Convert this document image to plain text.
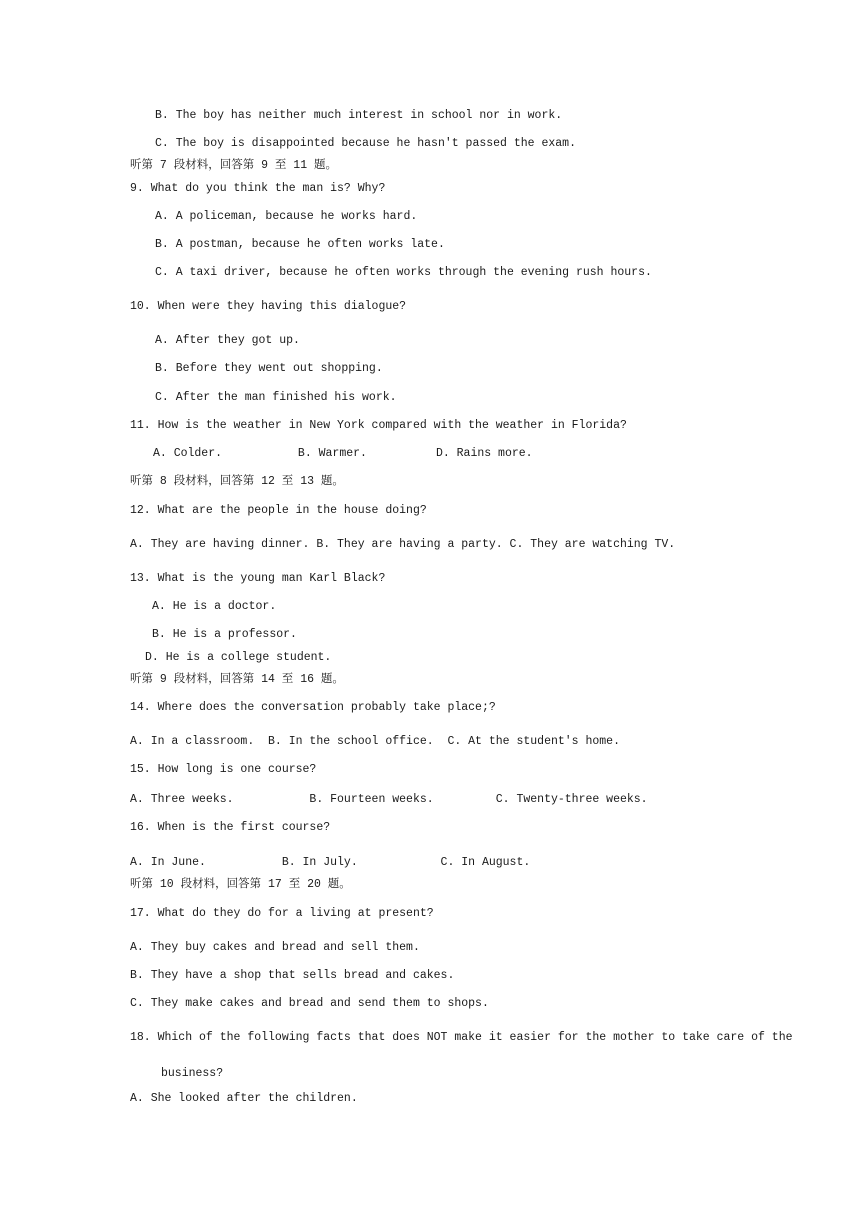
B. The boy has neither much interest in school nor in work.
C. The boy is disappointed because he hasn't passed the exam.
听第 7 段材料，回答第 9 至 11 题。
9. What do you think the man is? Why?
A. A policeman, because he works hard.
B. A postman, because he often works late.
C. A taxi driver, because he often works through the evening rush hours.
10. When were they having this dialogue?
A. After they got up.
B. Before they went out shopping.
C. After the man finished his work.
11. How is the weather in New York compared with the weather in Florida?
A. Colder.           B. Warmer.          D. Rains more.
听第 8 段材料，回答第 12 至 13 题。
12. What are the people in the house doing?
A. They are having dinner. B. They are having a party. C. They are watching TV.
13. What is the young man Karl Black?
A. He is a doctor.
B. He is a professor.
D. He is a college student.
听第 9 段材料，回答第 14 至 16 题。
14. Where does the conversation probably take place;?
A. In a classroom.  B. In the school office.  C. At the student's home.
15. How long is one course?
A. Three weeks.           B. Fourteen weeks.         C. Twenty-three weeks.
16. When is the first course?
A. In June.           B. In July.            C. In August.
听第 10 段材料，回答第 17 至 20 题。
17. What do they do for a living at present?
A. They buy cakes and bread and sell them.
B. They have a shop that sells bread and cakes.
C. They make cakes and bread and send them to shops.
18. Which of the following facts that does NOT make it easier for the mother to take care of the
business?
A. She looked after the children.
